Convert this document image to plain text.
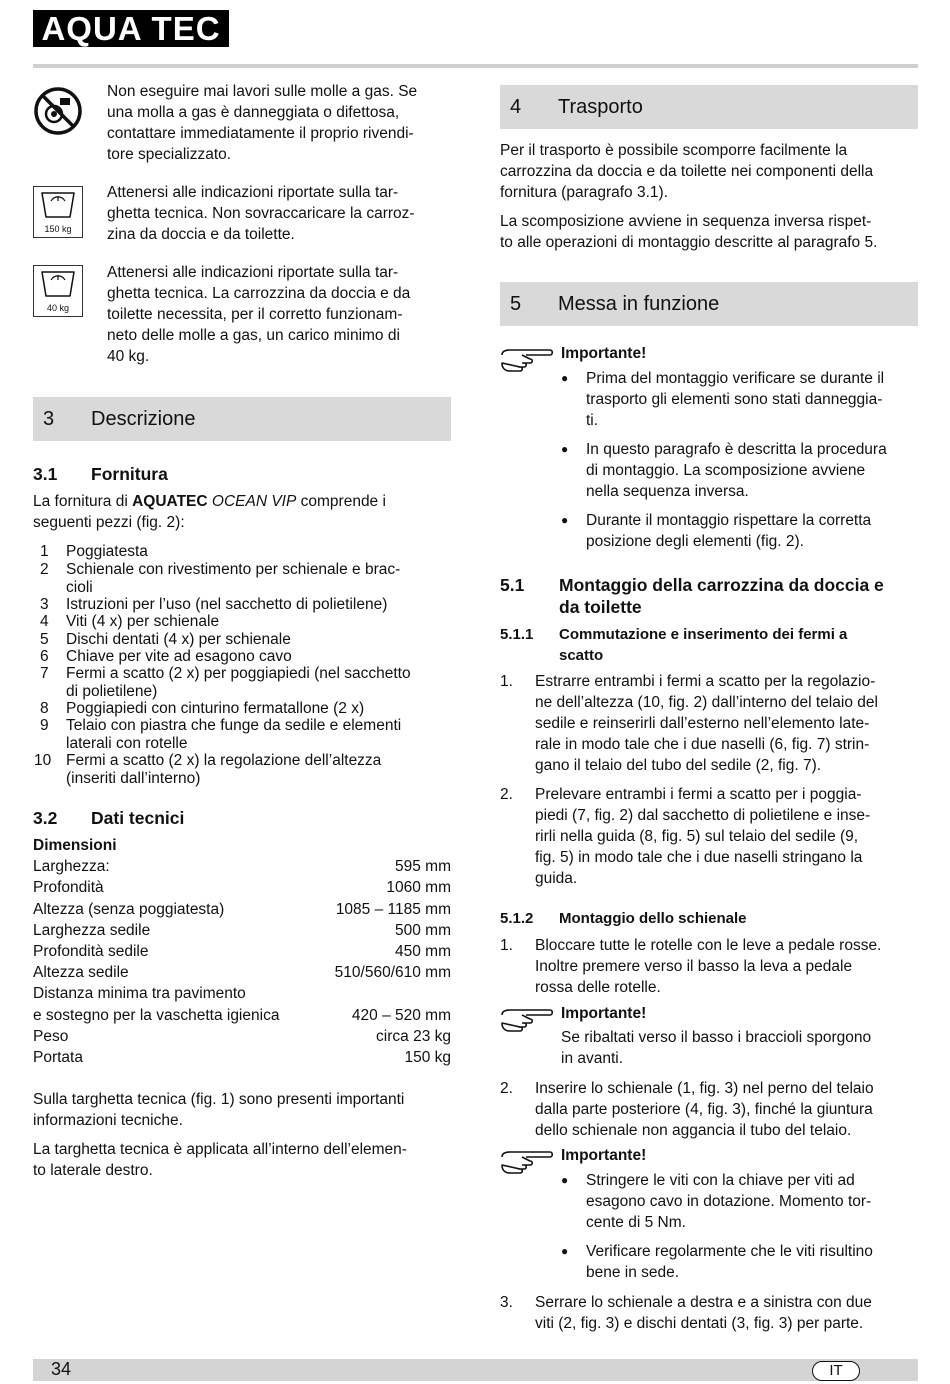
AQUA TEC ®
Non eseguire mai lavori sulle molle a gas. Se
una molla a gas è danneggiata o difettosa,
contattare immediatamente il proprio rivendi-
tore specializzato.
150 kg
Attenersi alle indicazioni riportate sulla tar-
ghetta tecnica. Non sovraccaricare la carroz-
zina da doccia e da toilette.
40 kg
Attenersi alle indicazioni riportate sulla tar-
ghetta tecnica. La carrozzina da doccia e da
toilette necessita, per il corretto funzionam-
neto delle molle a gas, un carico minimo di
40 kg.
3 Descrizione
3.1 Fornitura
La fornitura di AQUATEC OCEAN VIP comprende i
seguenti pezzi (fig. 2):
1 Poggiatesta
2 Schienale con rivestimento per schienale e brac-
cioli
3 Istruzioni per l’uso (nel sacchetto di polietilene)
4 Viti (4 x) per schienale
5 Dischi dentati (4 x) per schienale
6 Chiave per vite ad esagono cavo
7 Fermi a scatto (2 x) per poggiapiedi (nel sacchetto
di polietilene)
8 Poggiapiedi con cinturino fermatallone (2 x)
9 Telaio con piastra che funge da sedile e elementi
laterali con rotelle
10 Fermi a scatto (2 x) la regolazione dell’altezza
(inseriti dall’interno)
3.2 Dati tecnici
Dimensioni
Larghezza:	595 mm
Profondità	1060 mm
Altezza (senza poggiatesta)	1085 – 1185 mm
Larghezza sedile	500 mm
Profondità sedile	450 mm
Altezza sedile	510/560/610 mm
Distanza minima tra pavimento
e sostegno per la vaschetta igienica	420 – 520 mm
Peso	circa 23 kg
Portata	150 kg
Sulla targhetta tecnica (fig. 1) sono presenti importanti
informazioni tecniche.
La targhetta tecnica è applicata all’interno dell’elemen-
to laterale destro.
4 Trasporto
Per il trasporto è possibile scomporre facilmente la
carrozzina da doccia e da toilette nei componenti della
fornitura (paragrafo 3.1).
La scomposizione avviene in sequenza inversa rispet-
to alle operazioni di montaggio descritte al paragrafo 5.
5 Messa in funzione
Importante!
● Prima del montaggio verificare se durante il
trasporto gli elementi sono stati danneggia-
ti.
● In questo paragrafo è descritta la procedura
di montaggio. La scomposizione avviene
nella sequenza inversa.
● Durante il montaggio rispettare la corretta
posizione degli elementi (fig. 2).
5.1 Montaggio della carrozzina da doccia e
da toilette
5.1.1 Commutazione e inserimento dei fermi a
scatto
1. Estrarre entrambi i fermi a scatto per la regolazio-
ne dell’altezza (10, fig. 2) dall’interno del telaio del
sedile e reinserirli dall’esterno nell’elemento late-
rale in modo tale che i due naselli (6, fig. 7) strin-
gano il telaio del tubo del sedile (2, fig. 7).
2. Prelevare entrambi i fermi a scatto per i poggia-
piedi (7, fig. 2) dal sacchetto di polietilene e inse-
rirli nella guida (8, fig. 5) sul telaio del sedile (9,
fig. 5) in modo tale che i due naselli stringano la
guida.
5.1.2 Montaggio dello schienale
1. Bloccare tutte le rotelle con le leve a pedale rosse.
Inoltre premere verso il basso la leva a pedale
rossa delle rotelle.
Importante!
Se ribaltati verso il basso i braccioli sporgono
in avanti.
2. Inserire lo schienale (1, fig. 3) nel perno del telaio
dalla parte posteriore (4, fig. 3), finché la giuntura
dello schienale non aggancia il tubo del telaio.
Importante!
● Stringere le viti con la chiave per viti ad
esagono cavo in dotazione. Momento tor-
cente di 5 Nm.
● Verificare regolarmente che le viti risultino
bene in sede.
3. Serrare lo schienale a destra e a sinistra con due
viti (2, fig. 3) e dischi dentati (3, fig. 3) per parte.
34	IT
